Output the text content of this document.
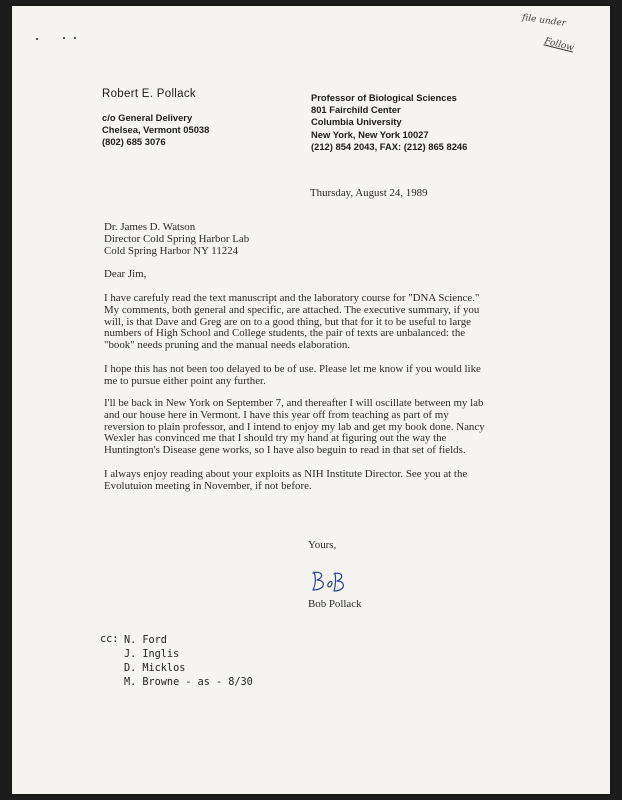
file under
Follow
Robert E. Pollack
c/o General Delivery
Chelsea, Vermont 05038
(802) 685 3076
Professor of Biological Sciences
801 Fairchild Center
Columbia University
New York, New York 10027
(212) 854 2043, FAX: (212) 865 8246
Thursday, August 24, 1989
Dr. James D. Watson
Director Cold Spring Harbor Lab
Cold Spring Harbor NY 11224
Dear Jim,
I have carefuly read the text manuscript and the laboratory course for "DNA Science."
My comments, both general and specific, are attached. The executive summary, if you
will, is that Dave and Greg are on to a good thing, but that for it to be useful to large
numbers of High School and College students, the pair of texts are unbalanced: the
"book" needs pruning and the manual needs elaboration.
I hope this has not been too delayed to be of use. Please let me know if you would like
me to pursue either point any further.
I'll be back in New York on September 7, and thereafter I will oscillate between my lab
and our house here in Vermont. I have this year off from teaching as part of my
reversion to plain professor, and I intend to enjoy my lab and get my book done. Nancy
Wexler has convinced me that I should try my hand at figuring out the way the
Huntington's Disease gene works, so I have also beguin to read in that set of fields.
I always enjoy reading about your exploits as NIH Institute Director. See you at the
Evolutuion meeting in November, if not before.
Yours,
Bob Pollack
cc: N. Ford
J. Inglis
D. Micklos
M. Browne - as - 8/30
